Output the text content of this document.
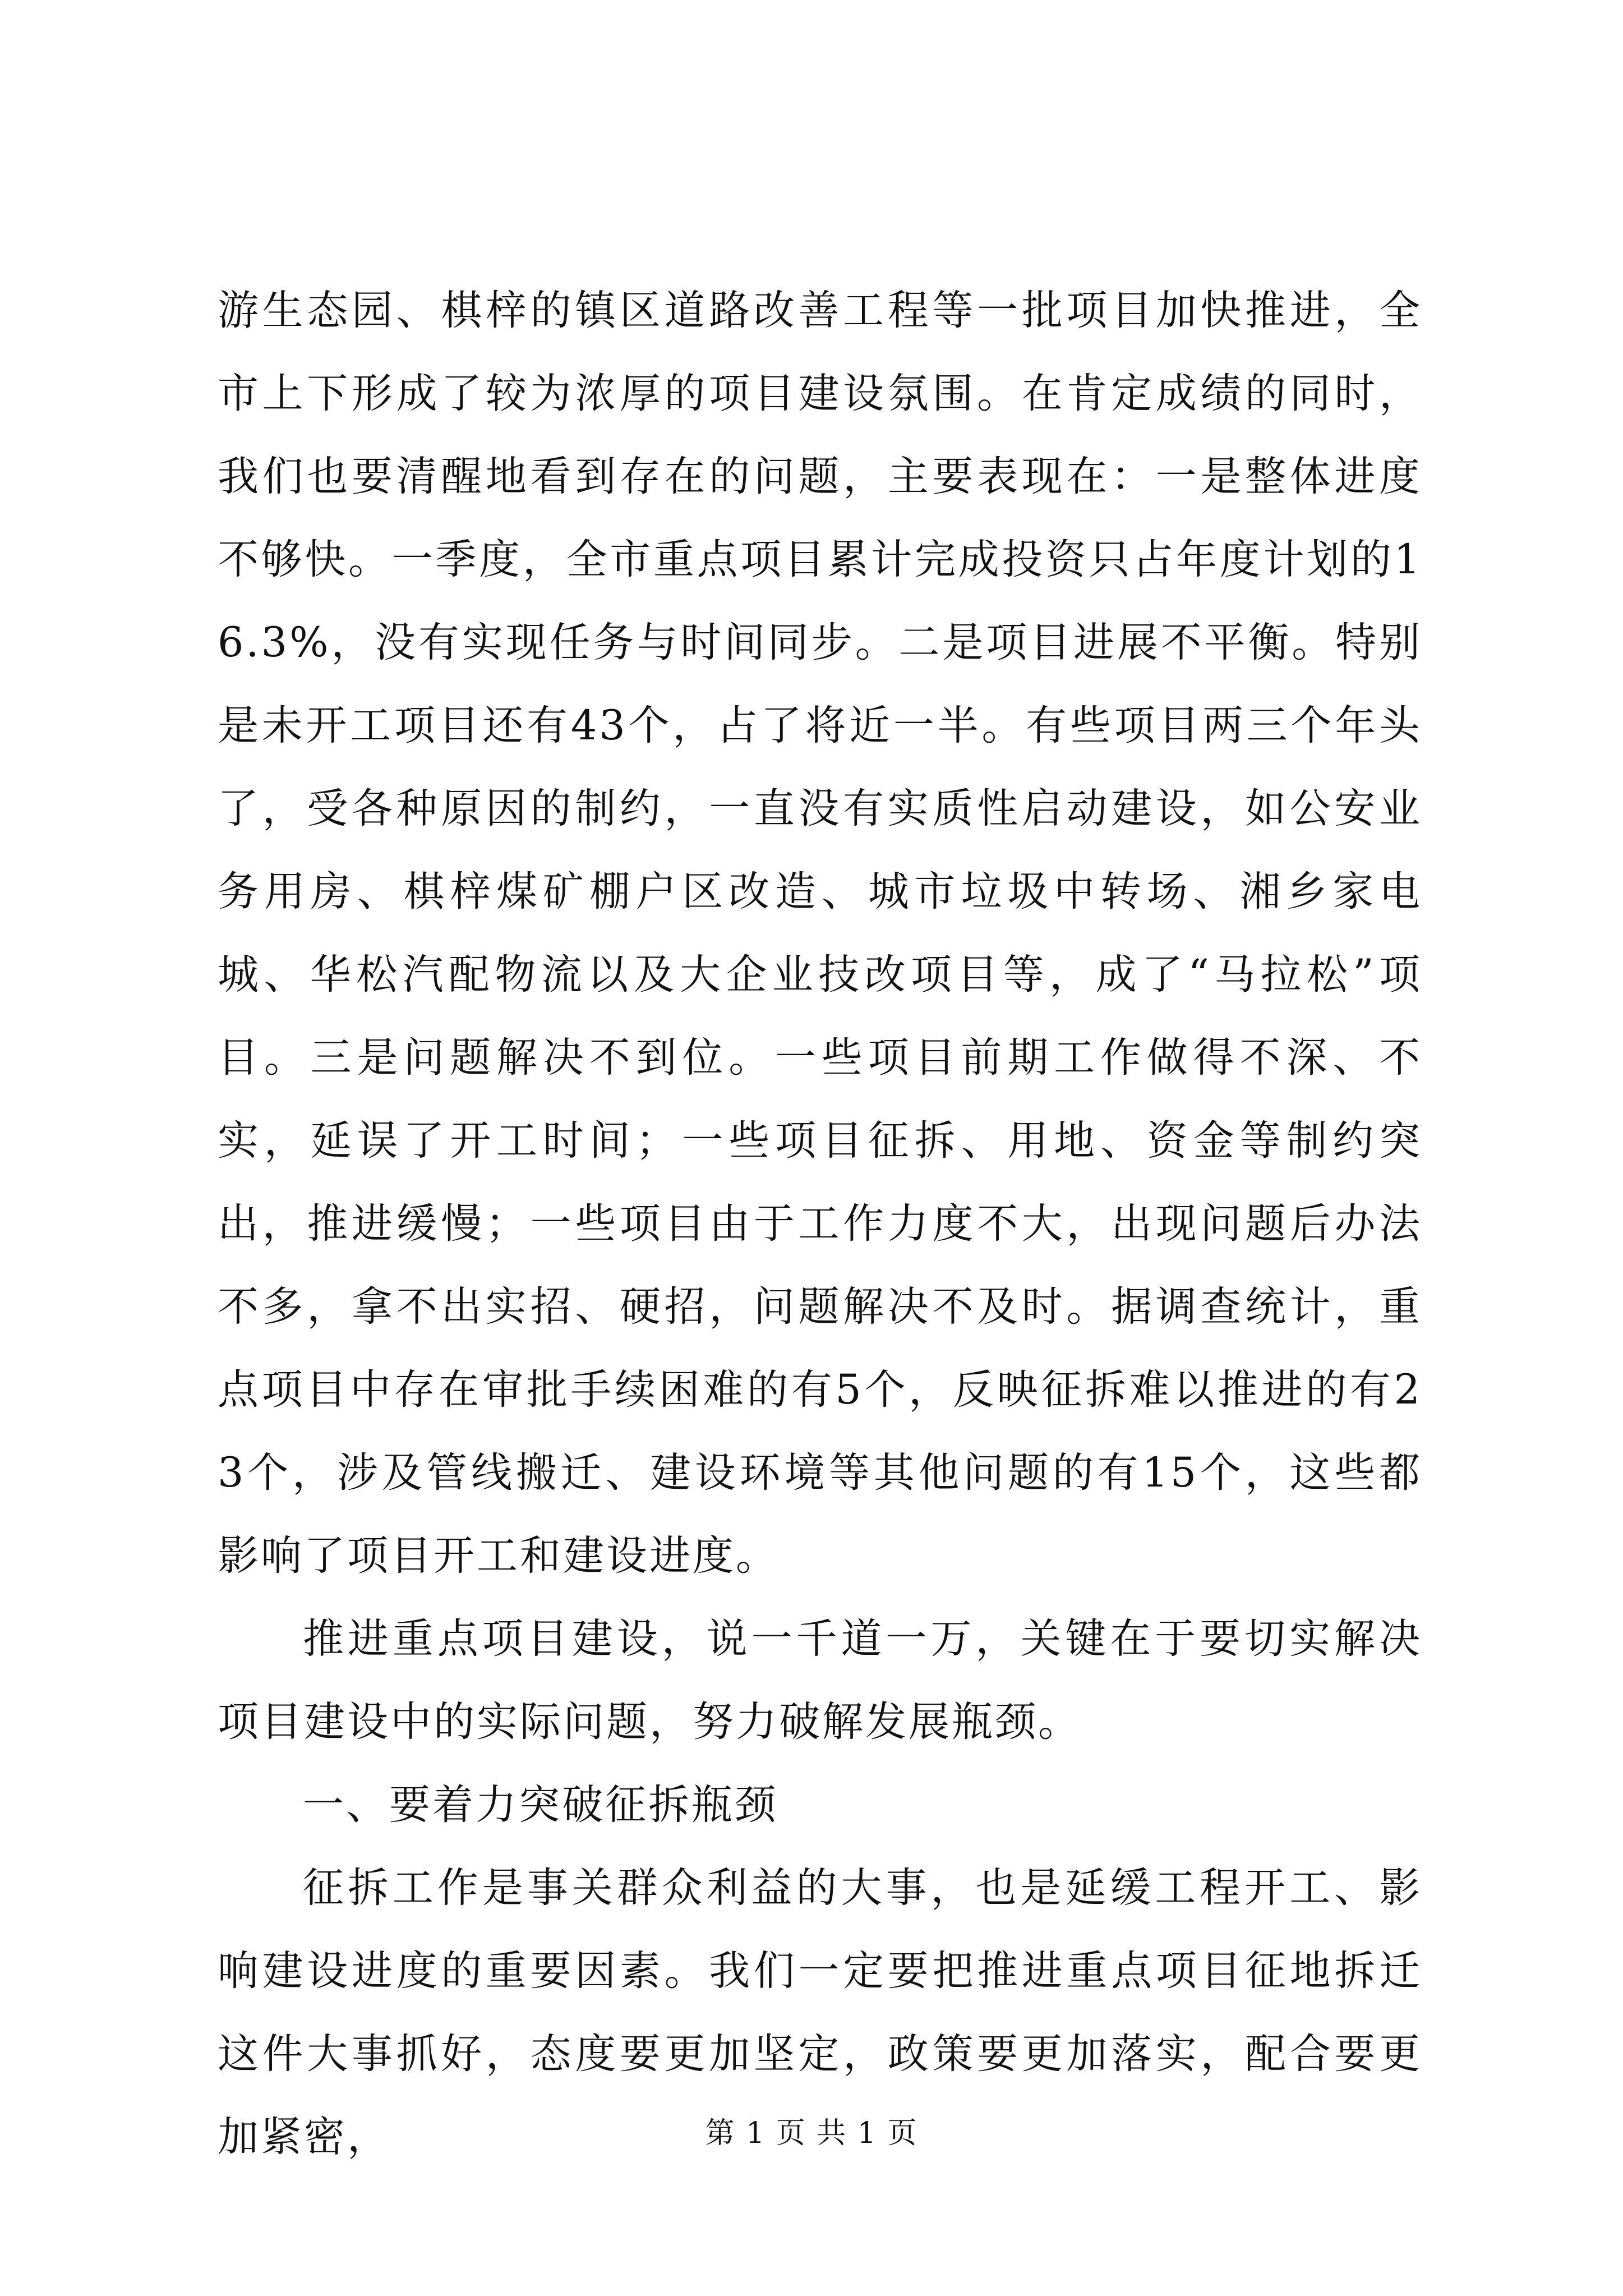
游生态园、棋梓的镇区道路改善工程等一批项目加快推进，全市上下形成了较为浓厚的项目建设氛围。在肯定成绩的同时，我们也要清醒地看到存在的问题，主要表现在：一是整体进度不够快。一季度，全市重点项目累计完成投资只占年度计划的16.3%，没有实现任务与时间同步。二是项目进展不平衡。特别是未开工项目还有43个，占了将近一半。有些项目两三个年头了，受各种原因的制约，一直没有实质性启动建设，如公安业务用房、棋梓煤矿棚户区改造、城市垃圾中转场、湘乡家电城、华松汽配物流以及大企业技改项目等，成了“马拉松”项目。三是问题解决不到位。一些项目前期工作做得不深、不实，延误了开工时间；一些项目征拆、用地、资金等制约突出，推进缓慢；一些项目由于工作力度不大，出现问题后办法不多，拿不出实招、硬招，问题解决不及时。据调查统计，重点项目中存在审批手续困难的有5个，反映征拆难以推进的有23个，涉及管线搬迁、建设环境等其他问题的有15个，这些都影响了项目开工和建设进度。

推进重点项目建设，说一千道一万，关键在于要切实解决项目建设中的实际问题，努力破解发展瓶颈。

一、要着力突破征拆瓶颈

征拆工作是事关群众利益的大事，也是延缓工程开工、影响建设进度的重要因素。我们一定要把推进重点项目征地拆迁这件大事抓好，态度要更加坚定，政策要更加落实，配合要更加紧密，	第 1 页 共 1 页
